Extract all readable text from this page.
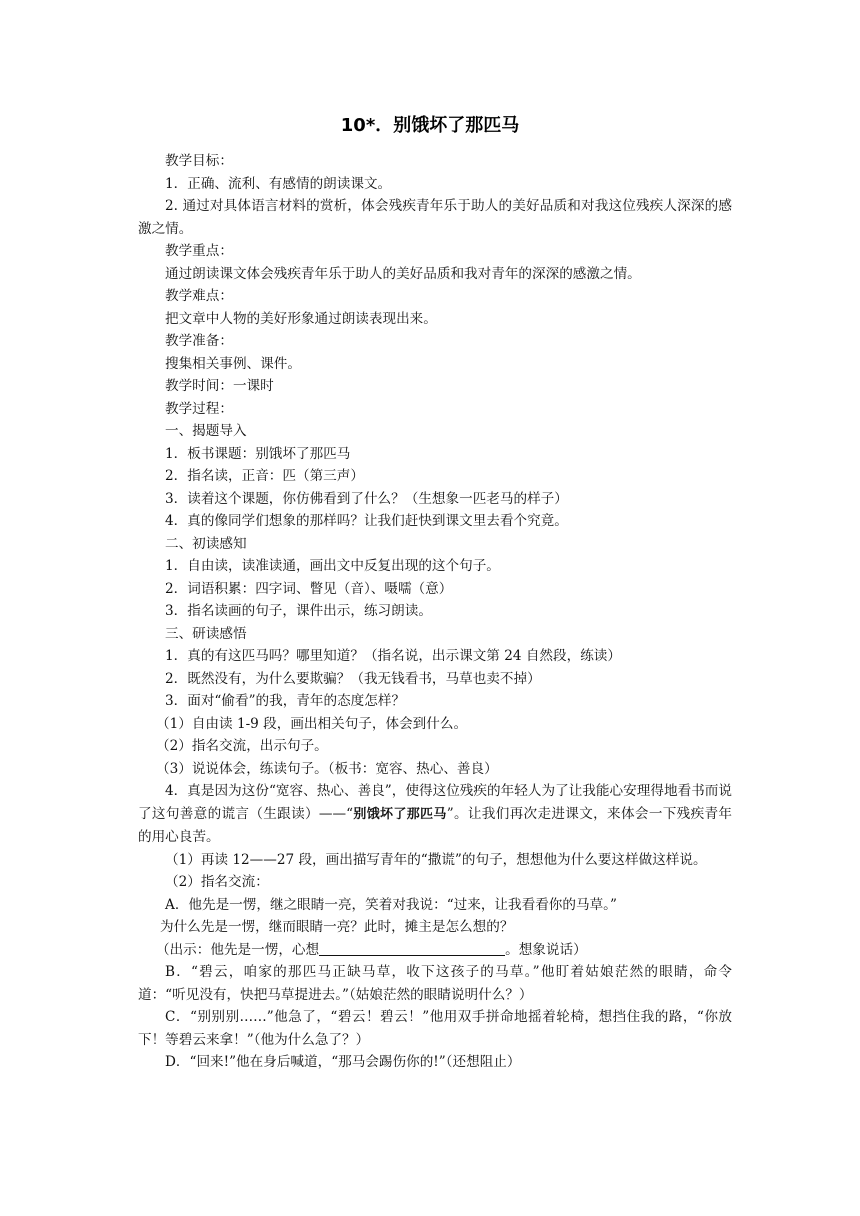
10*．别饿坏了那匹马

教学目标：

1．正确、流利、有感情的朗读课文。

2. 通过对具体语言材料的赏析，体会残疾青年乐于助人的美好品质和对我这位残疾人深深的感激之情。

教学重点：

通过朗读课文体会残疾青年乐于助人的美好品质和我对青年的深深的感激之情。

教学难点：

把文章中人物的美好形象通过朗读表现出来。

教学准备：

搜集相关事例、课件。

教学时间：一课时

教学过程：

一、揭题导入

1．板书课题：别饿坏了那匹马

2．指名读，正音：匹（第三声）

3．读着这个课题，你仿佛看到了什么？（生想象一匹老马的样子）

4．真的像同学们想象的那样吗？让我们赶快到课文里去看个究竟。

二、初读感知

1．自由读，读准读通，画出文中反复出现的这个句子。

2．词语积累：四字词、瞥见（音）、嗫嚅（意）

3．指名读画的句子，课件出示，练习朗读。

三、研读感悟

1．真的有这匹马吗？哪里知道？（指名说，出示课文第 24 自然段，练读）

2．既然没有，为什么要欺骗？（我无钱看书，马草也卖不掉）

3．面对“偷看”的我，青年的态度怎样？

（1）自由读 1-9 段，画出相关句子，体会到什么。

（2）指名交流，出示句子。

（3）说说体会，练读句子。（板书：宽容、热心、善良）

4．真是因为这份“宽容、热心、善良”，使得这位残疾的年轻人为了让我能心安理得地看书而说了这句善意的谎言（生跟读）——“别饿坏了那匹马”。让我们再次走进课文，来体会一下残疾青年的用心良苦。

（1）再读 12——27 段，画出描写青年的“撒谎”的句子，想想他为什么要这样做这样说。

（2）指名交流：

A．他先是一愣，继之眼睛一亮，笑着对我说：“过来，让我看看你的马草。”

为什么先是一愣，继而眼睛一亮？此时，摊主是怎么想的？

（出示：他先是一愣，心想	。想象说话）

B．“碧云，咱家的那匹马正缺马草，收下这孩子的马草。”他盯着姑娘茫然的眼睛，命令道：“听见没有，快把马草提进去。”（姑娘茫然的眼睛说明什么？）

C．“别别别……”他急了，“碧云！碧云！”他用双手拼命地摇着轮椅，想挡住我的路，“你放下！等碧云来拿！”（他为什么急了？）

D．“回来!”他在身后喊道，“那马会踢伤你的!”（还想阻止）
